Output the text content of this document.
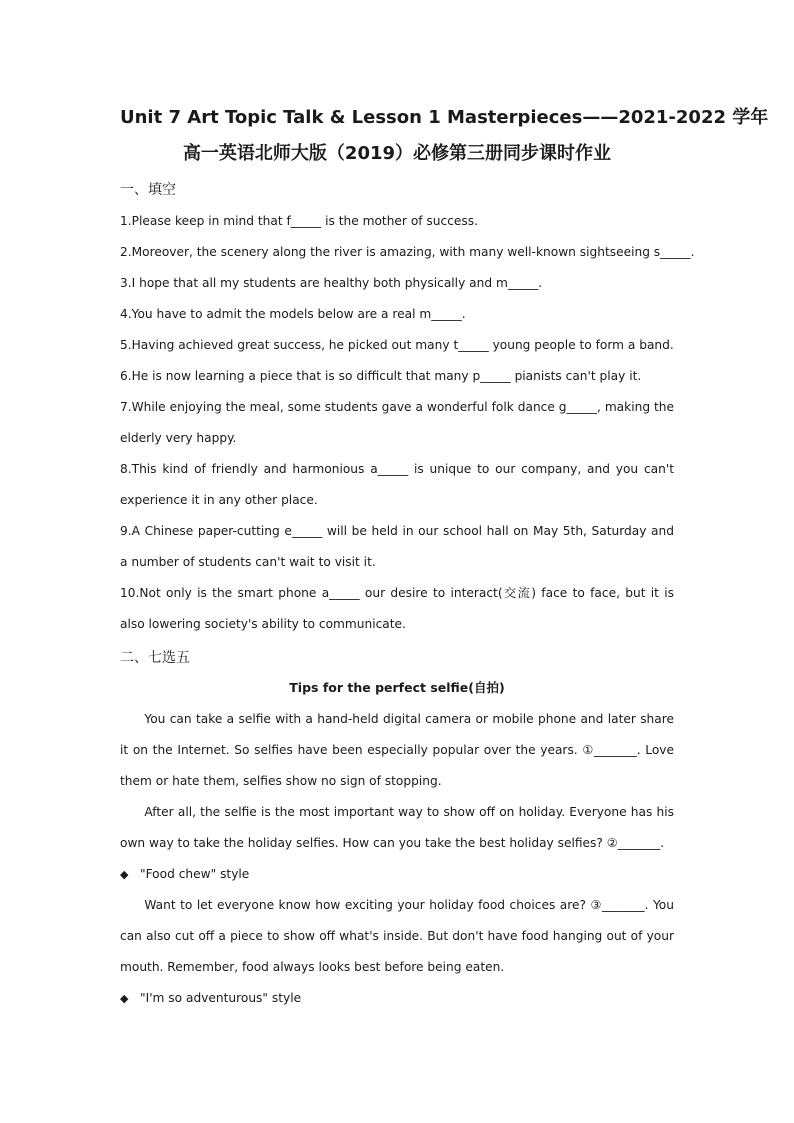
Unit 7 Art Topic Talk & Lesson 1 Masterpieces——2021-2022 学年

高一英语北师大版（2019）必修第三册同步课时作业

一、填空

1.Please keep in mind that f_____ is the mother of success.

2.Moreover, the scenery along the river is amazing, with many well-known sightseeing s_____.

3.I hope that all my students are healthy both physically and m_____.

4.You have to admit the models below are a real m_____.

5.Having achieved great success, he picked out many t_____ young people to form a band.

6.He is now learning a piece that is so difficult that many p_____ pianists can't play it.

7.While enjoying the meal, some students gave a wonderful folk dance g_____, making the elderly very happy.

8.This kind of friendly and harmonious a_____ is unique to our company, and you can't experience it in any other place.

9.A Chinese paper-cutting e_____ will be held in our school hall on May 5th, Saturday and a number of students can't wait to visit it.

10.Not only is the smart phone a_____ our desire to interact(交流) face to face, but it is also lowering society's ability to communicate.

二、七选五

Tips for the perfect selfie(自拍)

You can take a selfie with a hand-held digital camera or mobile phone and later share it on the Internet. So selfies have been especially popular over the years. ①_______. Love them or hate them, selfies show no sign of stopping.

After all, the selfie is the most important way to show off on holiday. Everyone has his own way to take the holiday selfies. How can you take the best holiday selfies? ②_______.

◆ "Food chew" style

Want to let everyone know how exciting your holiday food choices are? ③_______. You can also cut off a piece to show off what's inside. But don't have food hanging out of your mouth. Remember, food always looks best before being eaten.

◆ "I'm so adventurous" style
